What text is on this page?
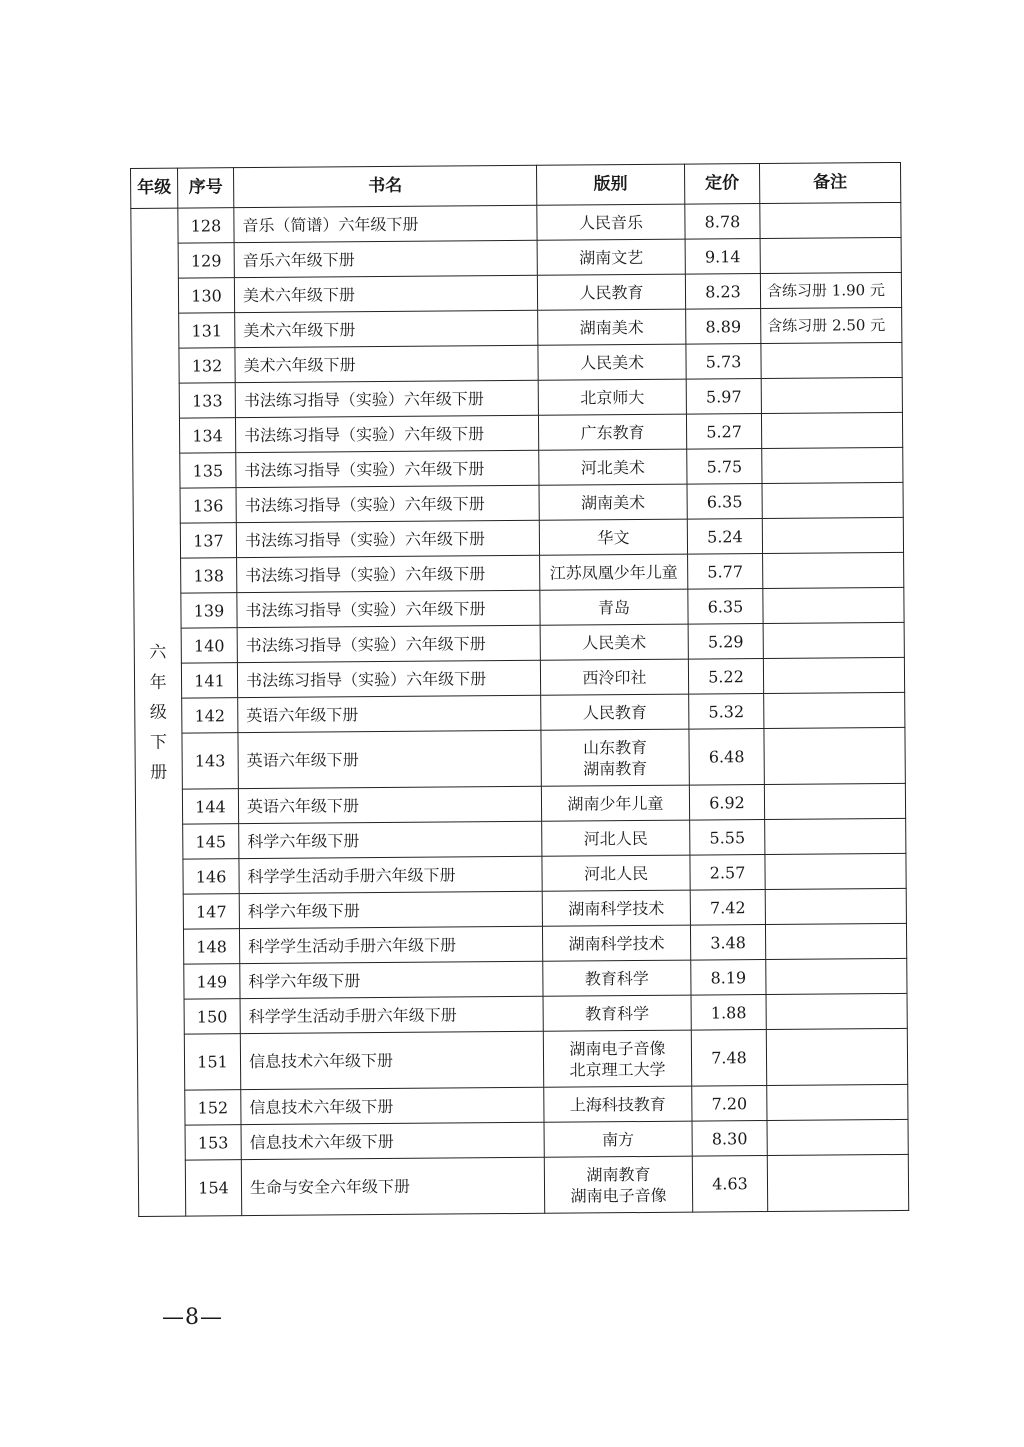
年级	序号	书名	版别	定价	备注
六年级下册	128	音乐（简谱）六年级下册	人民音乐	8.78	
	129	音乐六年级下册	湖南文艺	9.14	
	130	美术六年级下册	人民教育	8.23	含练习册 1.90 元
	131	美术六年级下册	湖南美术	8.89	含练习册 2.50 元
	132	美术六年级下册	人民美术	5.73	
	133	书法练习指导（实验）六年级下册	北京师大	5.97	
	134	书法练习指导（实验）六年级下册	广东教育	5.27	
	135	书法练习指导（实验）六年级下册	河北美术	5.75	
	136	书法练习指导（实验）六年级下册	湖南美术	6.35	
	137	书法练习指导（实验）六年级下册	华文	5.24	
	138	书法练习指导（实验）六年级下册	江苏凤凰少年儿童	5.77	
	139	书法练习指导（实验）六年级下册	青岛	6.35	
	140	书法练习指导（实验）六年级下册	人民美术	5.29	
	141	书法练习指导（实验）六年级下册	西泠印社	5.22	
	142	英语六年级下册	人民教育	5.32	
	143	英语六年级下册	山东教育
湖南教育	6.48	
	144	英语六年级下册	湖南少年儿童	6.92	
	145	科学六年级下册	河北人民	5.55	
	146	科学学生活动手册六年级下册	河北人民	2.57	
	147	科学六年级下册	湖南科学技术	7.42	
	148	科学学生活动手册六年级下册	湖南科学技术	3.48	
	149	科学六年级下册	教育科学	8.19	
	150	科学学生活动手册六年级下册	教育科学	1.88	
	151	信息技术六年级下册	湖南电子音像
北京理工大学	7.48	
	152	信息技术六年级下册	上海科技教育	7.20	
	153	信息技术六年级下册	南方	8.30	
	154	生命与安全六年级下册	湖南教育
湖南电子音像	4.63	
—8—
